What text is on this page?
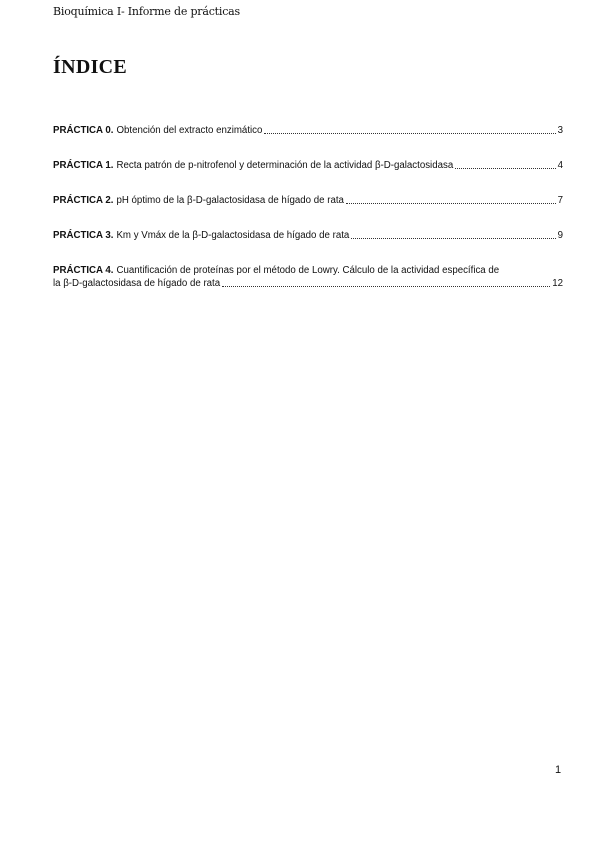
Bioquímica I- Informe de prácticas
ÍNDICE
PRÁCTICA 0. Obtención del extracto enzimático	3
PRÁCTICA 1. Recta patrón de p-nitrofenol y determinación de la actividad β-D-galactosidasa	4
PRÁCTICA 2. pH óptimo de la β-D-galactosidasa de hígado de rata	7
PRÁCTICA 3. Km y Vmáx de la β-D-galactosidasa de hígado de rata	9
PRÁCTICA 4. Cuantificación de proteínas por el método de Lowry. Cálculo de la actividad específica de
la β-D-galactosidasa de hígado de rata	12
1
